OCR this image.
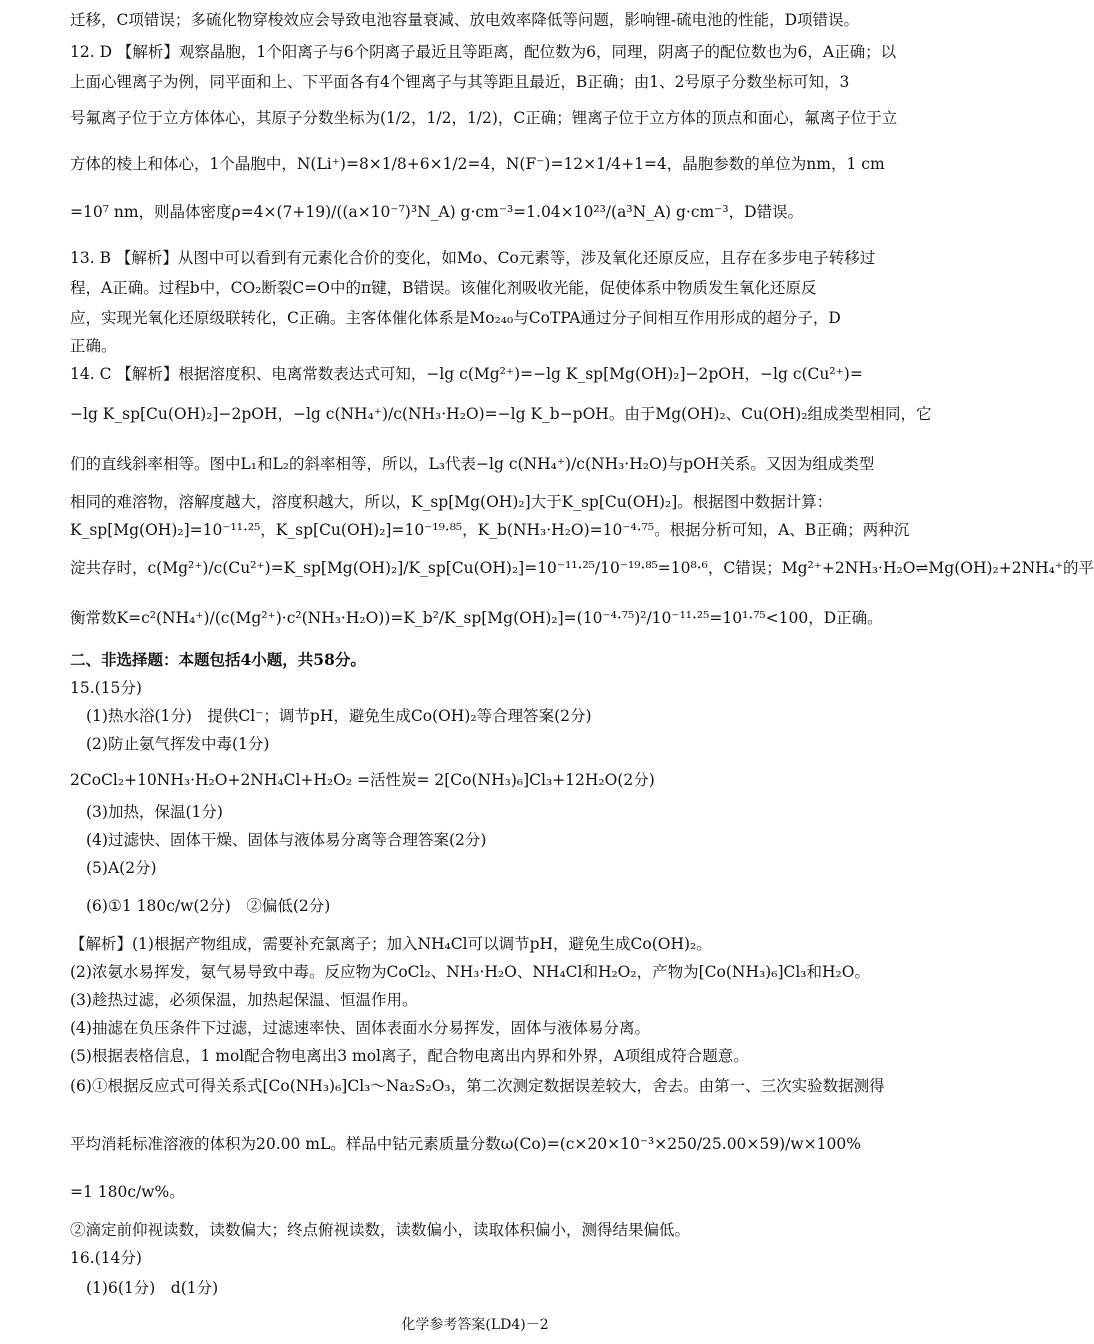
迁移，C项错误；多硫化物穿梭效应会导致电池容量衰减、放电效率降低等问题，影响锂-硫电池的性能，D项错误。
12. D 【解析】观察晶胞，1个阳离子与6个阴离子最近且等距离，配位数为6，同理，阴离子的配位数也为6，A正确；以
上面心锂离子为例，同平面和上、下平面各有4个锂离子与其等距且最近，B正确；由1、2号原子分数坐标可知，3
号氟离子位于立方体体心，其原子分数坐标为(1/2，1/2，1/2)，C正确；锂离子位于立方体的顶点和面心，氟离子位于立
方体的棱上和体心，1个晶胞中，N(Li⁺)=8×1/8+6×1/2=4，N(F⁻)=12×1/4+1=4，晶胞参数的单位为nm，1 cm
=10⁷ nm，则晶体密度ρ=4×(7+19)/((a×10⁻⁷)³N_A) g·cm⁻³=1.04×10²³/(a³N_A) g·cm⁻³，D错误。
13. B 【解析】从图中可以看到有元素化合价的变化，如Mo、Co元素等，涉及氧化还原反应，且存在多步电子转移过
程，A正确。过程b中，CO₂断裂C=O中的π键，B错误。该催化剂吸收光能，促使体系中物质发生氧化还原反
应，实现光氧化还原级联转化，C正确。主客体催化体系是Mo₂₄₀与CoTPA通过分子间相互作用形成的超分子，D
正确。
14. C 【解析】根据溶度积、电离常数表达式可知，−lg c(Mg²⁺)=−lg K_sp[Mg(OH)₂]−2pOH，−lg c(Cu²⁺)=
−lg K_sp[Cu(OH)₂]−2pOH，−lg c(NH₄⁺)/c(NH₃·H₂O)=−lg K_b−pOH。由于Mg(OH)₂、Cu(OH)₂组成类型相同，它
们的直线斜率相等。图中L₁和L₂的斜率相等，所以，L₃代表−lg c(NH₄⁺)/c(NH₃·H₂O)与pOH关系。又因为组成类型
相同的难溶物，溶解度越大，溶度积越大，所以，K_sp[Mg(OH)₂]大于K_sp[Cu(OH)₂]。根据图中数据计算：
K_sp[Mg(OH)₂]=10⁻¹¹·²⁵，K_sp[Cu(OH)₂]=10⁻¹⁹·⁸⁵，K_b(NH₃·H₂O)=10⁻⁴·⁷⁵。根据分析可知，A、B正确；两种沉
淀共存时，c(Mg²⁺)/c(Cu²⁺)=K_sp[Mg(OH)₂]/K_sp[Cu(OH)₂]=10⁻¹¹·²⁵/10⁻¹⁹·⁸⁵=10⁸·⁶，C错误；Mg²⁺+2NH₃·H₂O⇌Mg(OH)₂+2NH₄⁺的平
衡常数K=c²(NH₄⁺)/(c(Mg²⁺)·c²(NH₃·H₂O))=K_b²/K_sp[Mg(OH)₂]=(10⁻⁴·⁷⁵)²/10⁻¹¹·²⁵=10¹·⁷⁵<100，D正确。
二、非选择题：本题包括4小题，共58分。
15.(15分)
(1)热水浴(1分)　提供Cl⁻；调节pH，避免生成Co(OH)₂等合理答案(2分)
(2)防止氨气挥发中毒(1分)
2CoCl₂+10NH₃·H₂O+2NH₄Cl+H₂O₂ =活性炭= 2[Co(NH₃)₆]Cl₃+12H₂O(2分)
(3)加热，保温(1分)
(4)过滤快、固体干燥、固体与液体易分离等合理答案(2分)
(5)A(2分)
(6)①1 180c/w(2分)　②偏低(2分)
【解析】(1)根据产物组成，需要补充氯离子；加入NH₄Cl可以调节pH，避免生成Co(OH)₂。
(2)浓氨水易挥发，氨气易导致中毒。反应物为CoCl₂、NH₃·H₂O、NH₄Cl和H₂O₂，产物为[Co(NH₃)₆]Cl₃和H₂O。
(3)趁热过滤，必须保温，加热起保温、恒温作用。
(4)抽滤在负压条件下过滤，过滤速率快、固体表面水分易挥发，固体与液体易分离。
(5)根据表格信息，1 mol配合物电离出3 mol离子，配合物电离出内界和外界，A项组成符合题意。
(6)①根据反应式可得关系式[Co(NH₃)₆]Cl₃～Na₂S₂O₃，第二次测定数据误差较大，舍去。由第一、三次实验数据测得
平均消耗标准溶液的体积为20.00 mL。样品中钴元素质量分数ω(Co)=(c×20×10⁻³×250/25.00×59)/w×100%
=1 180c/w%。
②滴定前仰视读数，读数偏大；终点俯视读数，读数偏小，读取体积偏小，测得结果偏低。
16.(14分)
(1)6(1分)　d(1分)
化学参考答案(LD4)－2
